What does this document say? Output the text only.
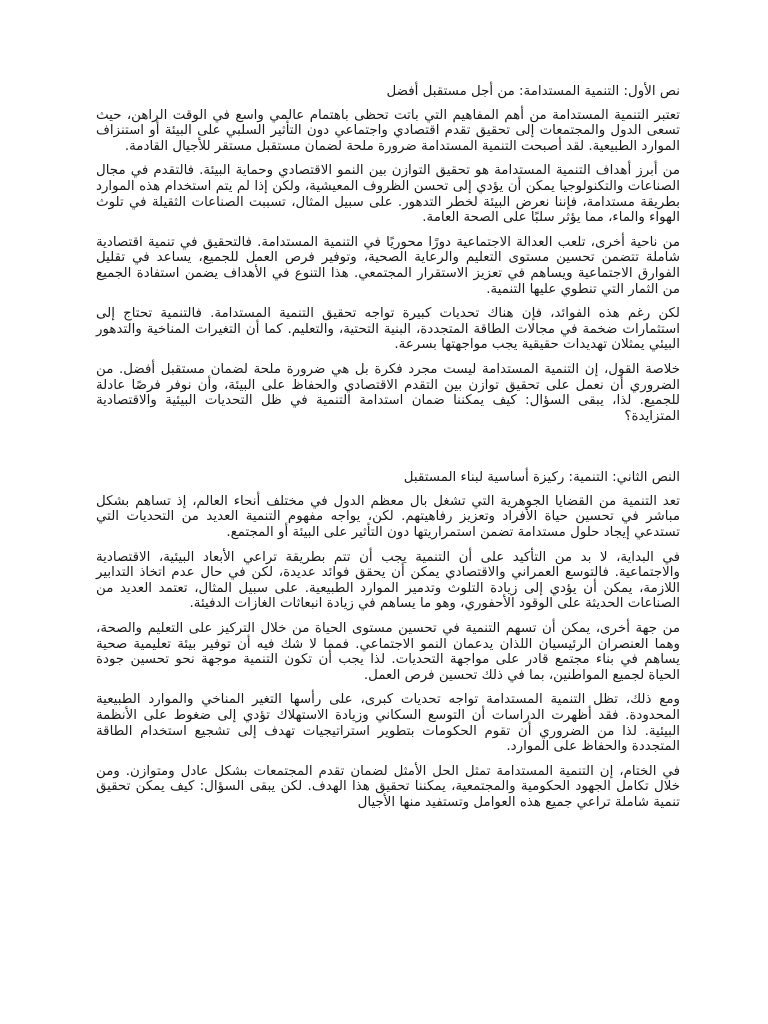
نص الأول: التنمية المستدامة: من أجل مستقبل أفضل

تعتبر التنمية المستدامة من أهم المفاهيم التي باتت تحظى باهتمام عالمي واسع في الوقت الراهن، حيث تسعى الدول والمجتمعات إلى تحقيق تقدم اقتصادي واجتماعي دون التأثير السلبي على البيئة أو استنزاف الموارد الطبيعية. لقد أصبحت التنمية المستدامة ضرورة ملحة لضمان مستقبل مستقر للأجيال القادمة.

من أبرز أهداف التنمية المستدامة هو تحقيق التوازن بين النمو الاقتصادي وحماية البيئة. فالتقدم في مجال الصناعات والتكنولوجيا يمكن أن يؤدي إلى تحسن الظروف المعيشية، ولكن إذا لم يتم استخدام هذه الموارد بطريقة مستدامة، فإننا نعرض البيئة لخطر التدهور. على سبيل المثال، تسببت الصناعات الثقيلة في تلوث الهواء والماء، مما يؤثر سلبًا على الصحة العامة.

من ناحية أخرى، تلعب العدالة الاجتماعية دورًا محوريًا في التنمية المستدامة. فالتحقيق في تنمية اقتصادية شاملة تتضمن تحسين مستوى التعليم والرعاية الصحية، وتوفير فرص العمل للجميع، يساعد في تقليل الفوارق الاجتماعية ويساهم في تعزيز الاستقرار المجتمعي. هذا التنوع في الأهداف يضمن استفادة الجميع من الثمار التي تنطوي عليها التنمية.

لكن رغم هذه الفوائد، فإن هناك تحديات كبيرة تواجه تحقيق التنمية المستدامة. فالتنمية تحتاج إلى استثمارات ضخمة في مجالات الطاقة المتجددة، البنية التحتية، والتعليم. كما أن التغيرات المناخية والتدهور البيئي يمثلان تهديدات حقيقية يجب مواجهتها بسرعة.

خلاصة القول، إن التنمية المستدامة ليست مجرد فكرة بل هي ضرورة ملحة لضمان مستقبل أفضل. من الضروري أن نعمل على تحقيق توازن بين التقدم الاقتصادي والحفاظ على البيئة، وأن نوفر فرصًا عادلة للجميع. لذا، يبقى السؤال: كيف يمكننا ضمان استدامة التنمية في ظل التحديات البيئية والاقتصادية المتزايدة؟

النص الثاني: التنمية: ركيزة أساسية لبناء المستقبل

تعد التنمية من القضايا الجوهرية التي تشغل بال معظم الدول في مختلف أنحاء العالم، إذ تساهم بشكل مباشر في تحسين حياة الأفراد وتعزيز رفاهيتهم. لكن، يواجه مفهوم التنمية العديد من التحديات التي تستدعي إيجاد حلول مستدامة تضمن استمراريتها دون التأثير على البيئة أو المجتمع.

في البداية، لا بد من التأكيد على أن التنمية يجب أن تتم بطريقة تراعي الأبعاد البيئية، الاقتصادية والاجتماعية. فالتوسع العمراني والاقتصادي يمكن أن يحقق فوائد عديدة، لكن في حال عدم اتخاذ التدابير اللازمة، يمكن أن يؤدي إلى زيادة التلوث وتدمير الموارد الطبيعية. على سبيل المثال، تعتمد العديد من الصناعات الحديثة على الوقود الأحفوري، وهو ما يساهم في زيادة انبعاثات الغازات الدفيئة.

من جهة أخرى، يمكن أن تسهم التنمية في تحسين مستوى الحياة من خلال التركيز على التعليم والصحة، وهما العنصران الرئيسيان اللذان يدعمان النمو الاجتماعي. فمما لا شك فيه أن توفير بيئة تعليمية صحية يساهم في بناء مجتمع قادر على مواجهة التحديات. لذا يجب أن تكون التنمية موجهة نحو تحسين جودة الحياة لجميع المواطنين، بما في ذلك تحسين فرص العمل.

ومع ذلك، تظل التنمية المستدامة تواجه تحديات كبرى، على رأسها التغير المناخي والموارد الطبيعية المحدودة. فقد أظهرت الدراسات أن التوسع السكاني وزيادة الاستهلاك تؤدي إلى ضغوط على الأنظمة البيئية. لذا من الضروري أن تقوم الحكومات بتطوير استراتيجيات تهدف إلى تشجيع استخدام الطاقة المتجددة والحفاظ على الموارد.

في الختام، إن التنمية المستدامة تمثل الحل الأمثل لضمان تقدم المجتمعات بشكل عادل ومتوازن. ومن خلال تكامل الجهود الحكومية والمجتمعية، يمكننا تحقيق هذا الهدف. لكن يبقى السؤال: كيف يمكن تحقيق تنمية شاملة تراعي جميع هذه العوامل وتستفيد منها الأجيال
